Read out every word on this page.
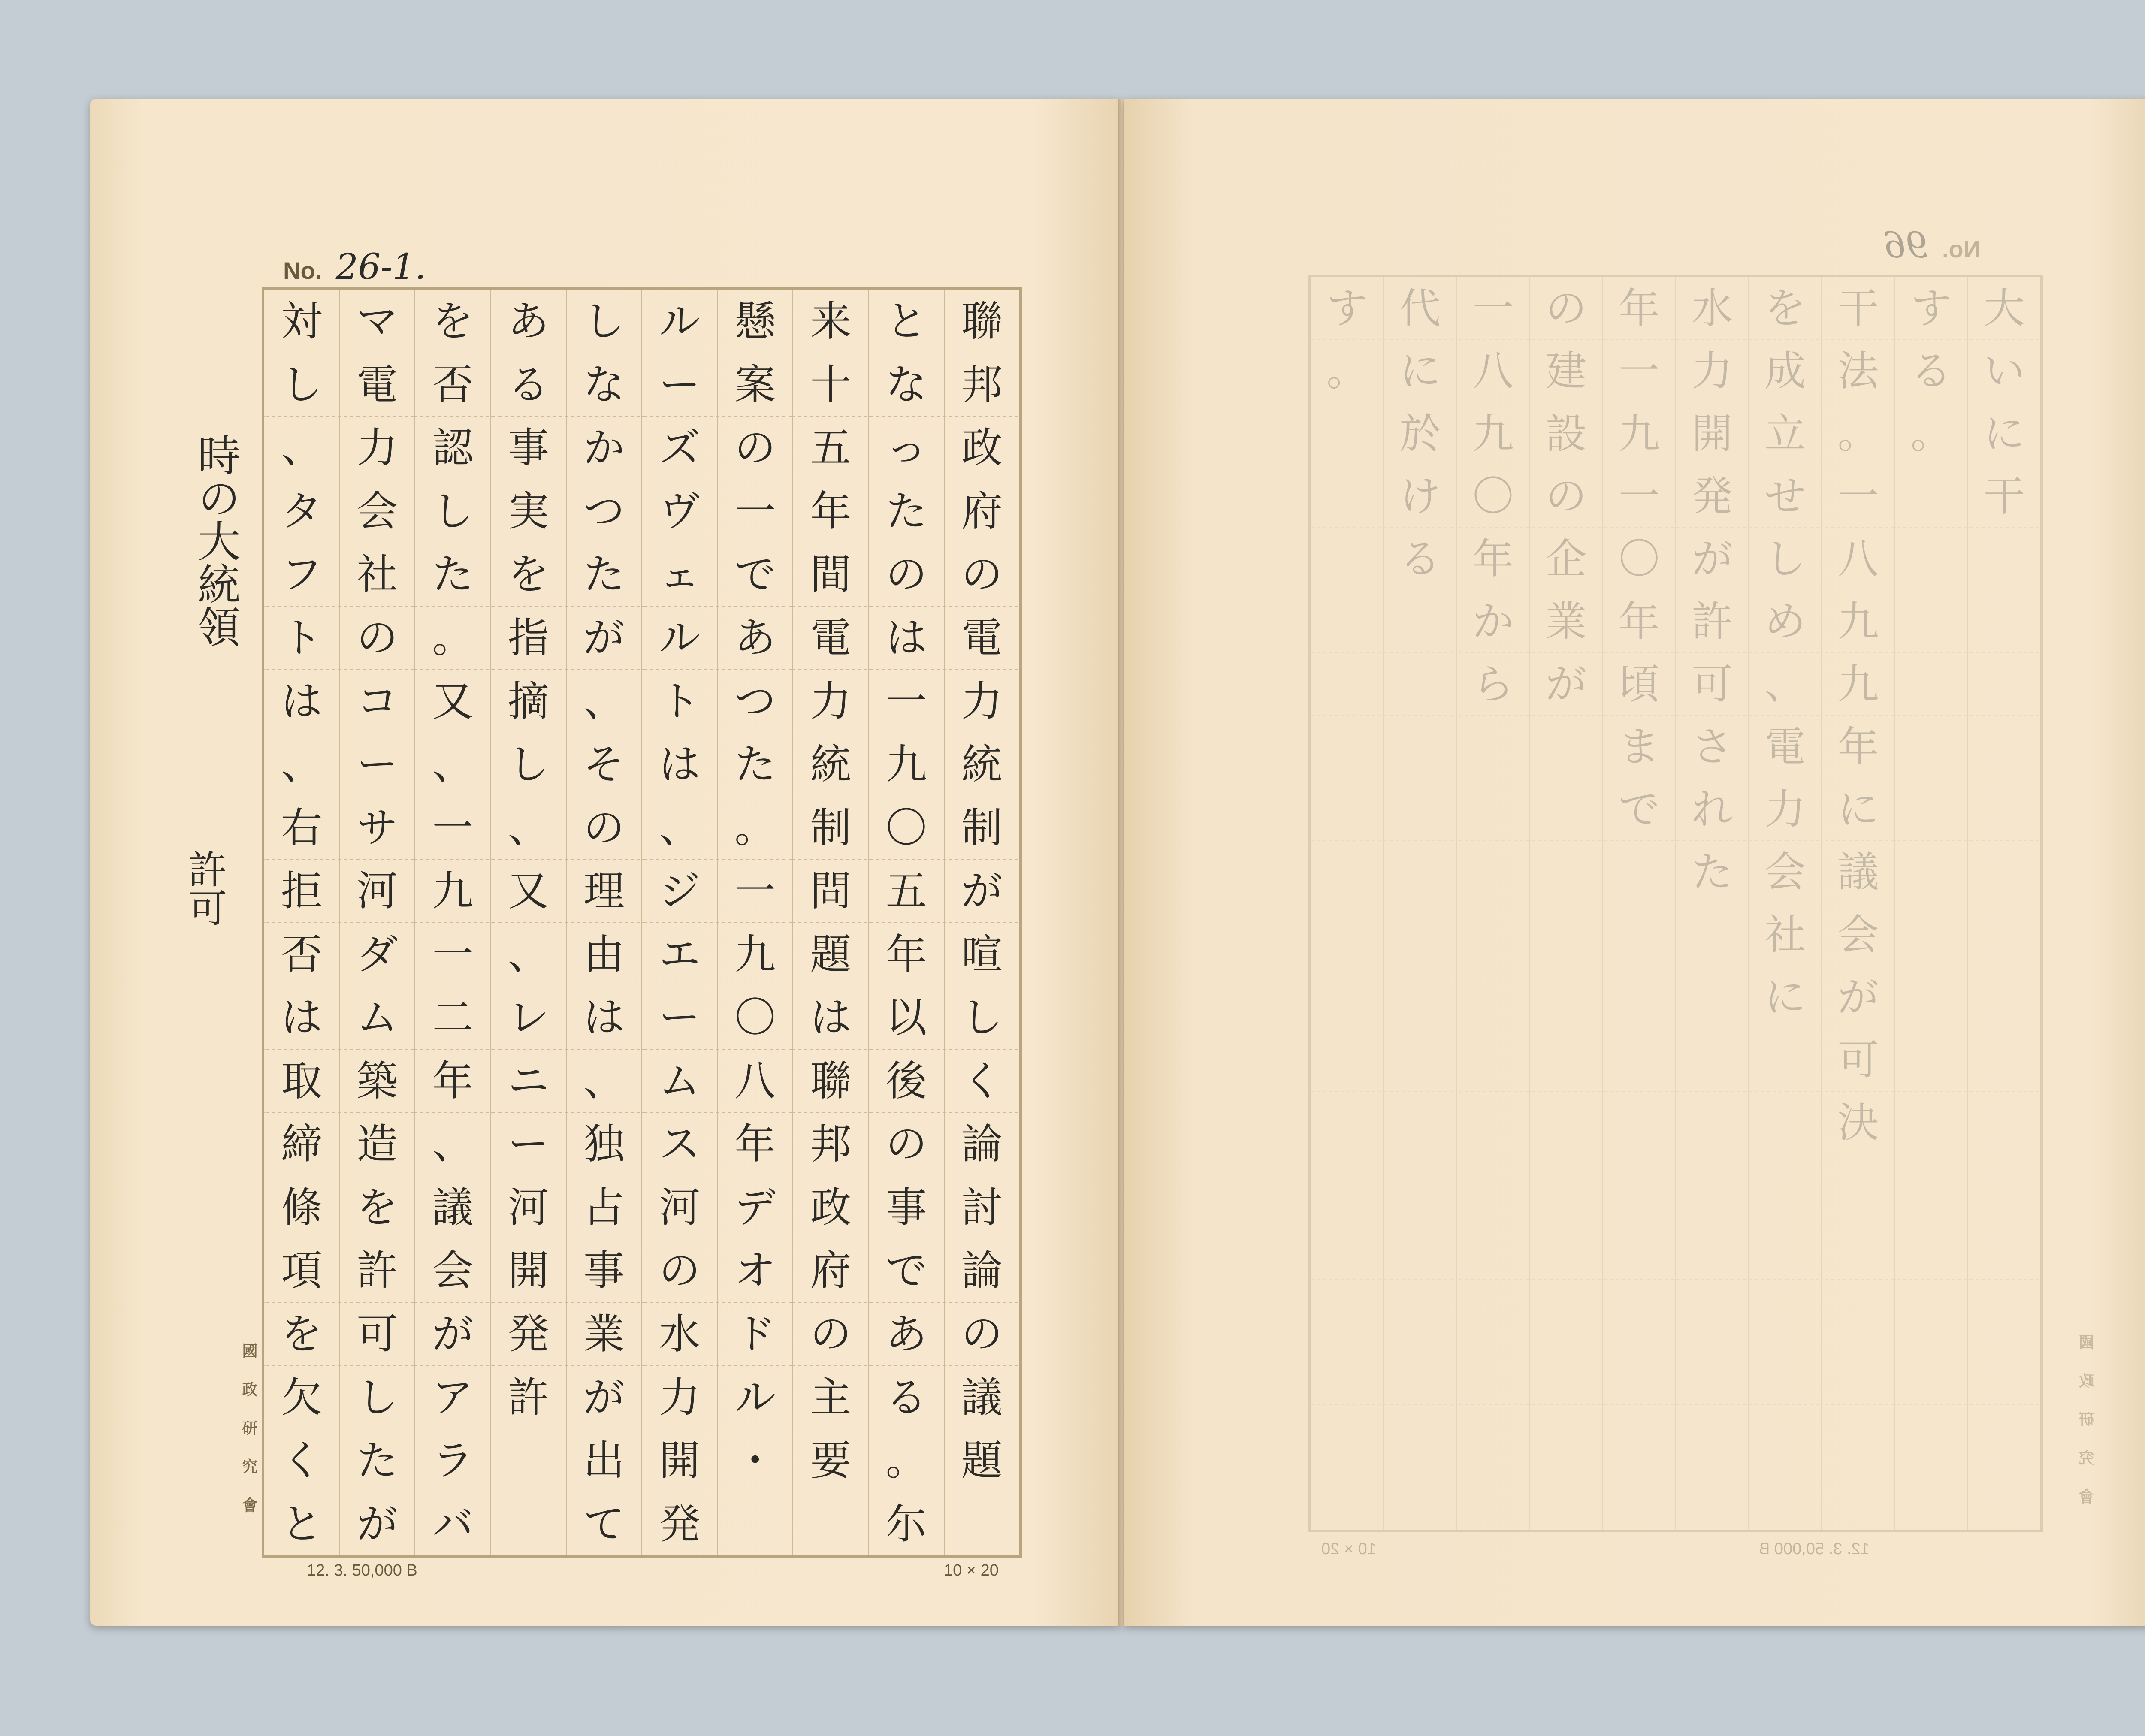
No. 26-1.
聯
邦
政
府
の
電
力
統
制
が
喧
し
く
論
討
論
の
議
題
と
な
っ
た
の
は
一
九
〇
五
年
以
後
の
事
で
あ
る
。
尓
来
十
五
年
間
電
力
統
制
問
題
は
聯
邦
政
府
の
主
要
懸
案
の
一
で
あ
つ
た
。
一
九
〇
八
年
デ
オ
ド
ル
・
ル
ー
ズ
ヴ
ェ
ル
ト
は
、
ジ
エ
ー
ム
ス
河
の
水
力
開
発
し
な
か
つ
た
が
、
そ
の
理
由
は
、
独
占
事
業
が
出
て
あ
る
事
実
を
指
摘
し
、
又
、
レ
ニ
ー
河
開
発
許
を
否
認
し
た
。
又
、
一
九
一
二
年
、
議
会
が
ア
ラ
バ
マ
電
力
会
社
の
コ
ー
サ
河
ダ
ム
築
造
を
許
可
し
た
が
対
し
、
タ
フ
ト
は
、
右
拒
否
は
取
締
條
項
を
欠
く
と
時の大統領
許可
國政研究會
12. 3. 50,000 B	10 × 20
No. 96
大
い
に
干
す
る
。
干
法
。
一
八
九
九
年
に
議
会
が
可
決
を
成
立
せ
し
め
、
電
力
会
社
に
水
力
開
発
が
許
可
さ
れ
た
年
一
九
一
〇
年
頃
ま
で
の
建
設
の
企
業
が
一
八
九
〇
年
か
ら
代
に
於
け
る
す
。
國政研究會
12. 3. 50,000 B
10 × 20
